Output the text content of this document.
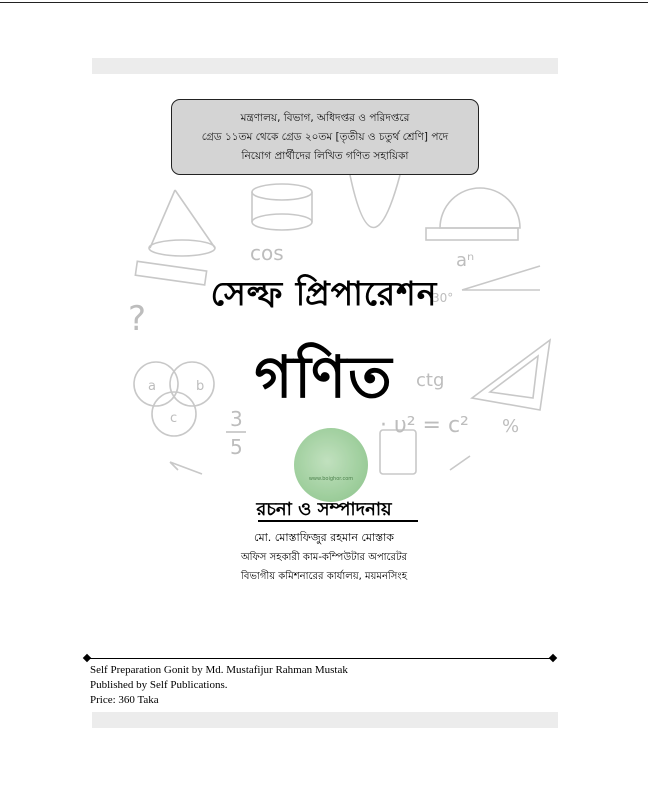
cos	aⁿ
30°
?
a	b
c
ctg
3
5
· υ² = c² %
মন্ত্রণালয়, বিভাগ, অধিদপ্তর ও পরিদপ্তরে
গ্রেড ১১তম থেকে গ্রেড ২০তম [তৃতীয় ও চতুর্থ শ্রেণি] পদে
নিয়োগ প্রার্থীদের লিখিত গণিত সহায়িকা
সেল্ফ প্রিপারেশন
গণিত
www.boighor.com
রচনা ও সম্পাদনায়
মো. মোস্তাফিজুর রহমান মোস্তাক
অফিস সহকারী কাম-কম্পিউটার অপারেটর
বিভাগীয় কমিশনারের কার্যালয়, ময়মনসিংহ
Self Preparation Gonit by Md. Mustafijur Rahman Mustak
Published by Self Publications.
Price: 360 Taka
